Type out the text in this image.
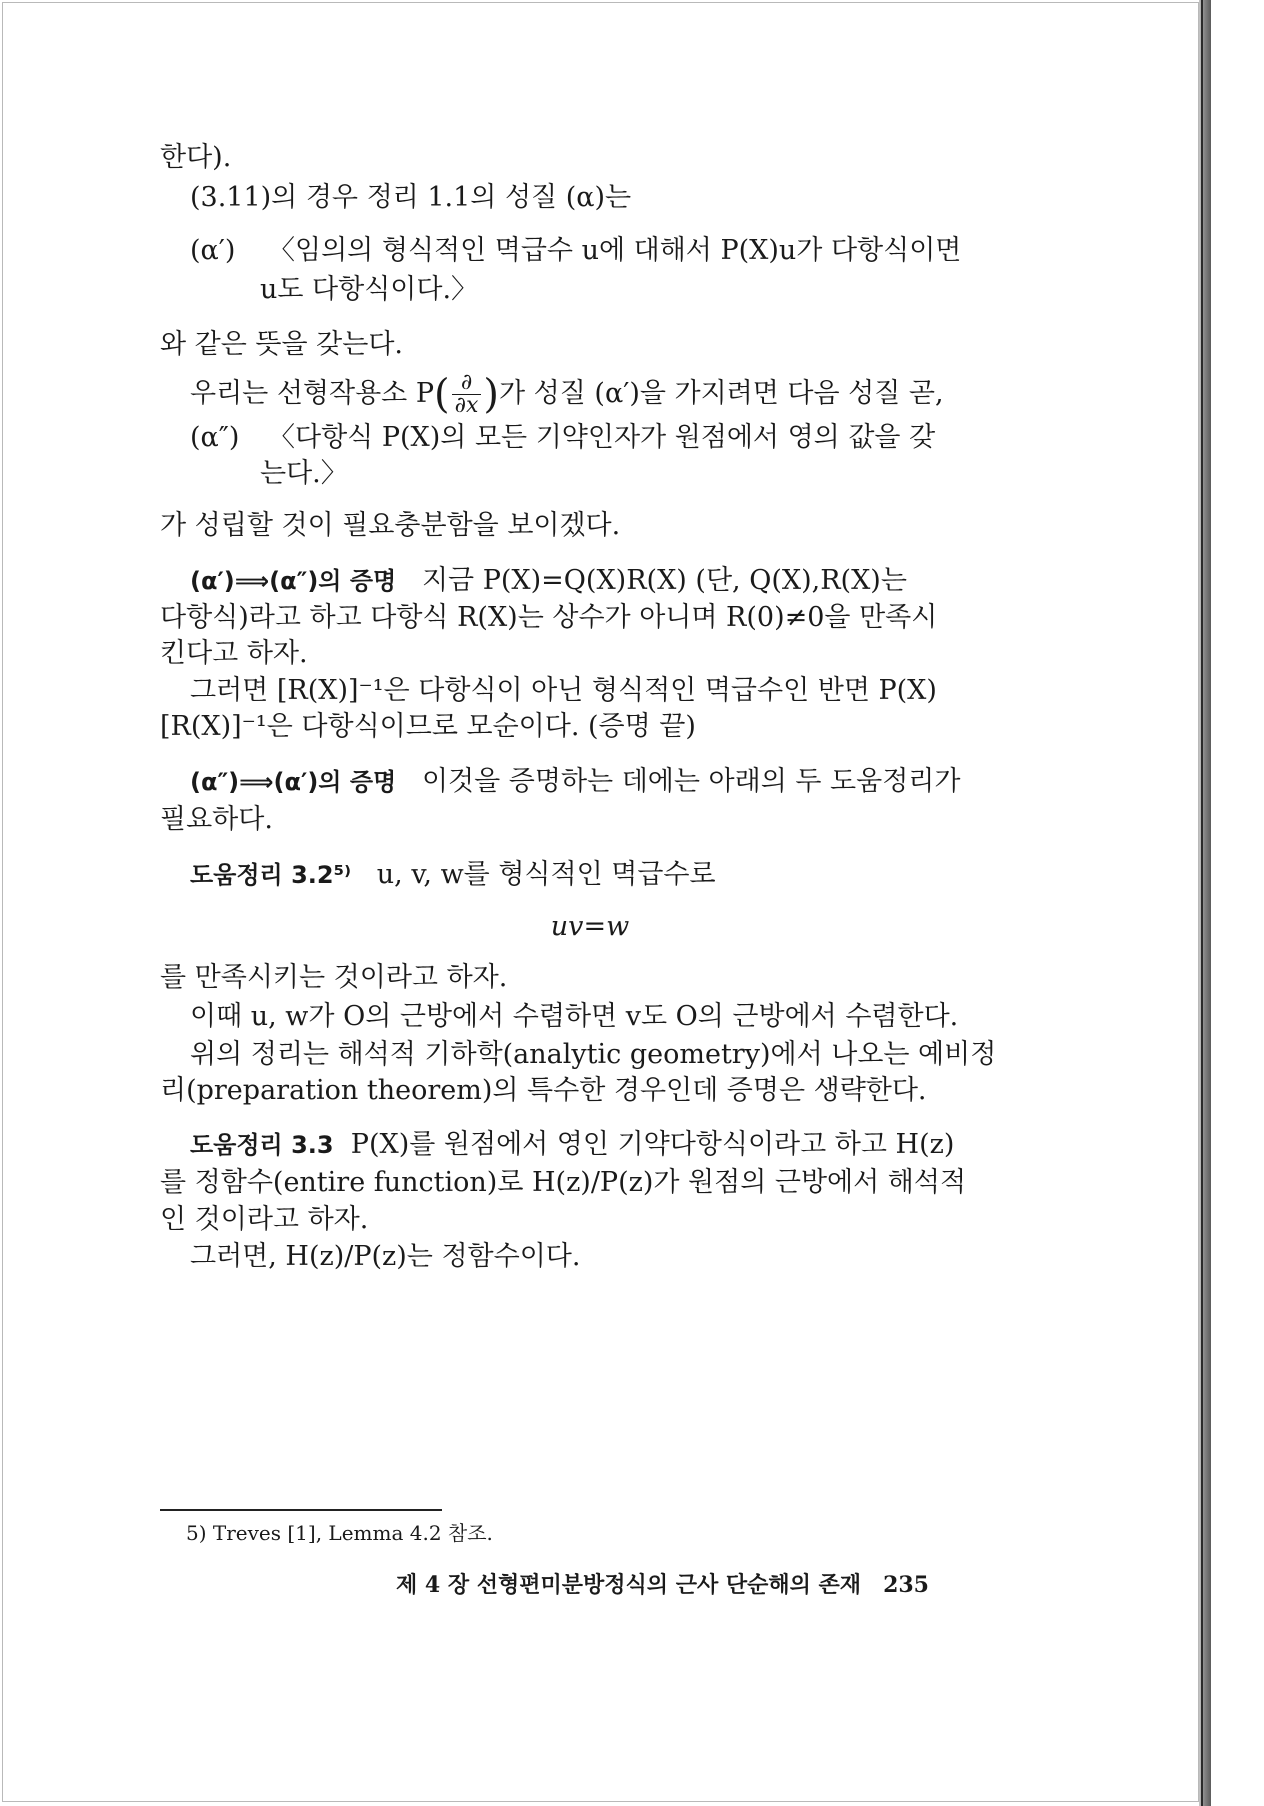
한다).
(3.11)의 경우 정리 1.1의 성질 (α)는
(α′) 〈임의의 형식적인 멱급수 u에 대해서 P(X)u가 다항식이면
u도 다항식이다.〉
와 같은 뜻을 갖는다.
우리는 선형작용소 $P( \frac{\partial}{\partial x}$ )가 성질 (α′)을 가지려면 다음 성질 곧,
(α″) 〈다항식 P(X)의 모든 기약인자가 원점에서 영의 값을 갖
는다.〉
가 성립할 것이 필요충분함을 보이겠다.
(α′)⟹(α″)의 증명 지금 P(X)=Q(X)R(X) (단, Q(X),R(X)는
다항식)라고 하고 다항식 R(X)는 상수가 아니며 R(0)≠0을 만족시
킨다고 하자.
그러면 [R(X)]⁻¹은 다항식이 아닌 형식적인 멱급수인 반면 P(X)
[R(X)]⁻¹은 다항식이므로 모순이다. (증명 끝)
(α″)⟹(α′)의 증명 이것을 증명하는 데에는 아래의 두 도움정리가
필요하다.
도움정리 3.2⁵⁾ u, v, w를 형식적인 멱급수로
uv=w
를 만족시키는 것이라고 하자.
이때 u, w가 O의 근방에서 수렴하면 v도 O의 근방에서 수렴한다.
위의 정리는 해석적 기하학(analytic geometry)에서 나오는 예비정
리(preparation theorem)의 특수한 경우인데 증명은 생략한다.
도움정리 3.3 P(X)를 원점에서 영인 기약다항식이라고 하고 H(z)
를 정함수(entire function)로 H(z)/P(z)가 원점의 근방에서 해석적
인 것이라고 하자.
그러면, H(z)/P(z)는 정함수이다.
5) Treves [1], Lemma 4.2 참조.
제 4 장 선형편미분방정식의 근사 단순해의 존재 235
